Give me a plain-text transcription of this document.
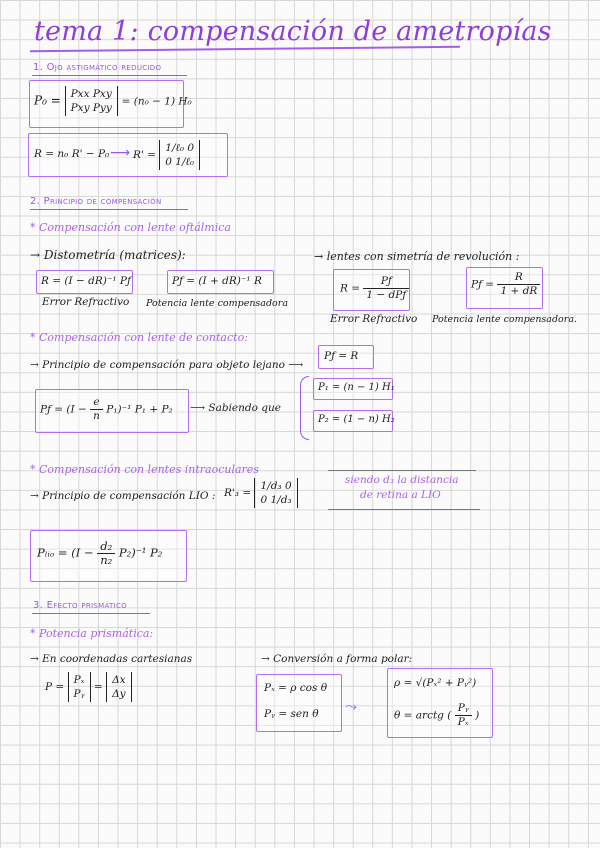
tema 1: compensación de ametropías
1. Ojo astigmático reducido
P₀ = Pxx Pxy
Pxy Pyy
= (n₀ − 1) H₀
R = n₀ R' − P₀ ⟶ R' =
1/ℓ₀ 0
0 1/ℓ₀
2. Principio de compensación
* Compensación con lente oftálmica
→ Distometría (matrices):
R = (I − dR)⁻¹ Pƒ
Error Refractivo
Pƒ = (I + dR)⁻¹ R
Potencia lente compensadora
→ lentes con simetría de revolución :
$R = \frac{Pƒ}{\text{1 − dPƒ}}$
Error Refractivo
Pƒ = $\frac{R}{1 + dR}$
Potencia lente compensadora.
* Compensación con lente de contacto:
→ Principio de compensación para objeto lejano ⟶
Pƒ = R
Pƒ = $(I - \frac{e}{n} P_1)^{-1}$ P₁ + P₂ ⟶ Sabiendo que
P₁ = (n − 1) H₁
P₂ = (1 − n) H₂
* Compensación con lentes intraoculares
→ Principio de compensación LIO : R'₃ =
1/d₃ 0
0 1/d₃
siendo d₃ la distancia
de retina a LIO
Pₗᵢₒ = $(I - \frac{\text{d₂}}{\text{n₂}} P_2)^{-1}$ P₂
3. Efecto prismático
* Potencia prismática:
→ En coordenadas cartesianas
P =
Pₓ
Pᵧ
=
Δx
Δy
→ Conversión a forma polar:
Pₓ = ρ cos θ
Pᵧ = sen θ ⤳
ρ = √(Pₓ² + Pᵧ²)
θ = arctg ( $\frac{\text{Pᵧ}}{\text{Pₓ}}$ )
